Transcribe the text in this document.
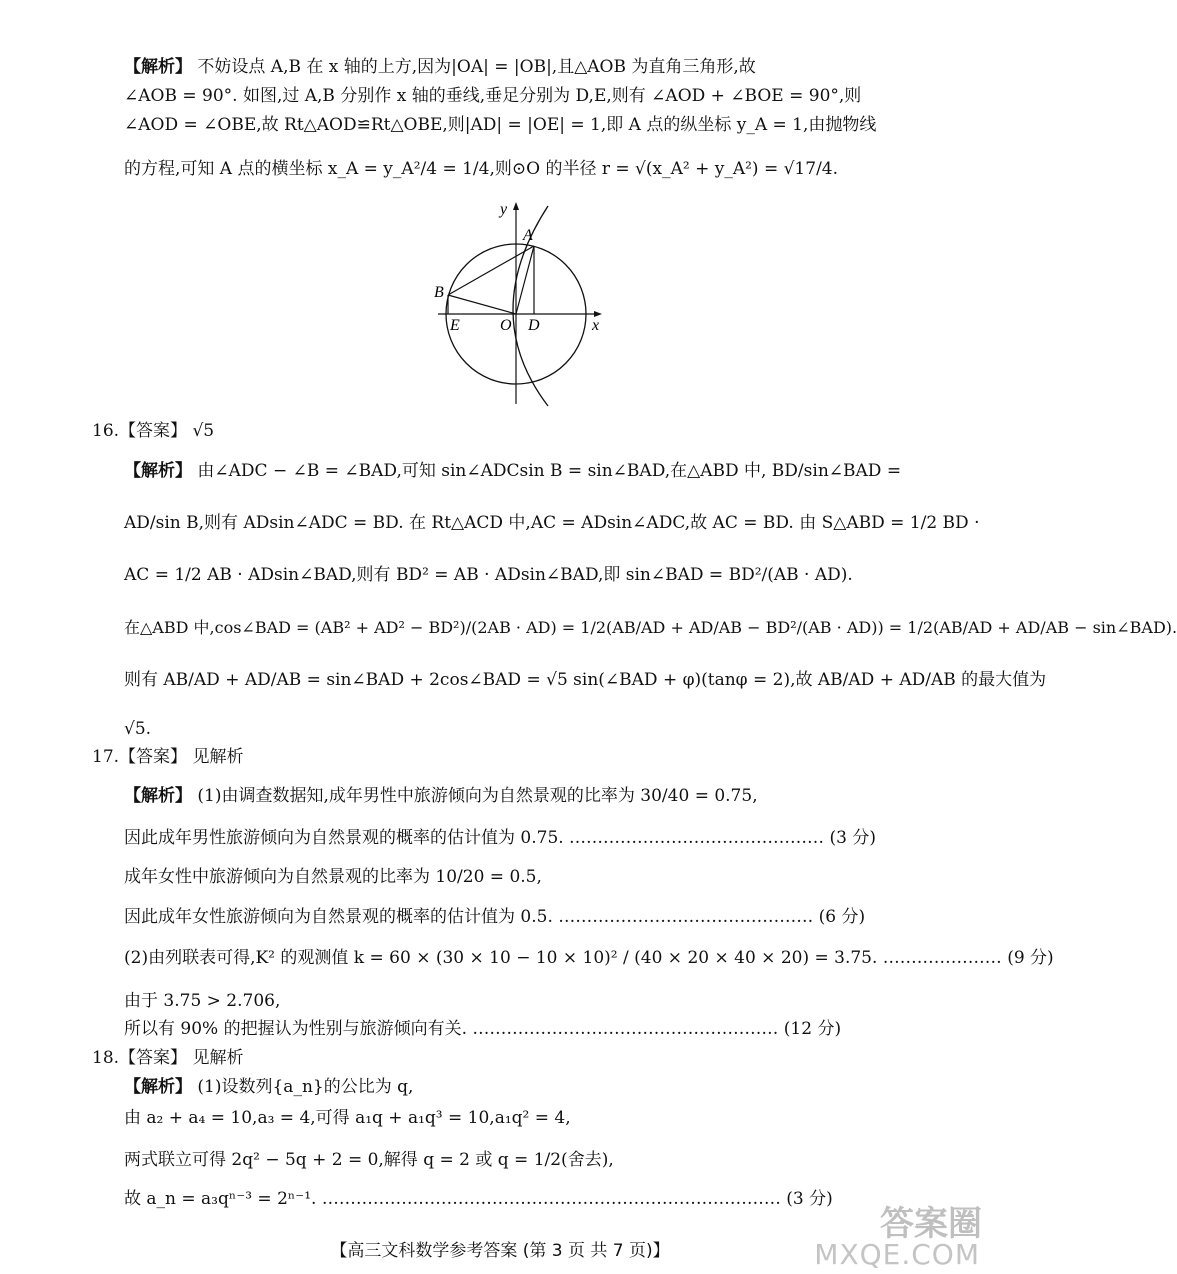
【解析】 不妨设点 A,B 在 x 轴的上方,因为|OA| = |OB|,且△AOB 为直角三角形,故
∠AOB = 90°. 如图,过 A,B 分别作 x 轴的垂线,垂足分别为 D,E,则有 ∠AOD + ∠BOE = 90°,则
∠AOD = ∠OBE,故 Rt△AOD≌Rt△OBE,则|AD| = |OE| = 1,即 A 点的纵坐标 y_A = 1,由抛物线
的方程,可知 A 点的横坐标 x_A = y_A²/4 = 1/4,则⊙O 的半径 r = √(x_A² + y_A²) = √17/4.
y
x
A
B
O D
E
16.【答案】 √5
【解析】 由∠ADC − ∠B = ∠BAD,可知 sin∠ADCsin B = sin∠BAD,在△ABD 中, BD/sin∠BAD =
AD/sin B,则有 ADsin∠ADC = BD. 在 Rt△ACD 中,AC = ADsin∠ADC,故 AC = BD. 由 S△ABD = 1/2 BD ·
AC = 1/2 AB · ADsin∠BAD,则有 BD² = AB · ADsin∠BAD,即 sin∠BAD = BD²/(AB · AD).
在△ABD 中,cos∠BAD = (AB² + AD² − BD²)/(2AB · AD) = 1/2(AB/AD + AD/AB − BD²/(AB · AD)) = 1/2(AB/AD + AD/AB − sin∠BAD).
则有 AB/AD + AD/AB = sin∠BAD + 2cos∠BAD = √5 sin(∠BAD + φ)(tanφ = 2),故 AB/AD + AD/AB 的最大值为
√5.
17.【答案】 见解析
【解析】 (1)由调查数据知,成年男性中旅游倾向为自然景观的比率为 30/40 = 0.75,
因此成年男性旅游倾向为自然景观的概率的估计值为 0.75. ……………………………………… (3 分)
成年女性中旅游倾向为自然景观的比率为 10/20 = 0.5,
因此成年女性旅游倾向为自然景观的概率的估计值为 0.5. ……………………………………… (6 分)
(2)由列联表可得,K² 的观测值 k = 60 × (30 × 10 − 10 × 10)² / (40 × 20 × 40 × 20) = 3.75. ………………… (9 分)
由于 3.75 > 2.706,
所以有 90% 的把握认为性别与旅游倾向有关. ……………………………………………… (12 分)
18.【答案】 见解析
【解析】 (1)设数列{a_n}的公比为 q,
由 a₂ + a₄ = 10,a₃ = 4,可得 a₁q + a₁q³ = 10,a₁q² = 4,
两式联立可得 2q² − 5q + 2 = 0,解得 q = 2 或 q = 1/2(舍去),
故 a_n = a₃qⁿ⁻³ = 2ⁿ⁻¹. ……………………………………………………………………… (3 分)
【高三文科数学参考答案 (第 3 页 共 7 页)】
答案圈
MXQE.COM
